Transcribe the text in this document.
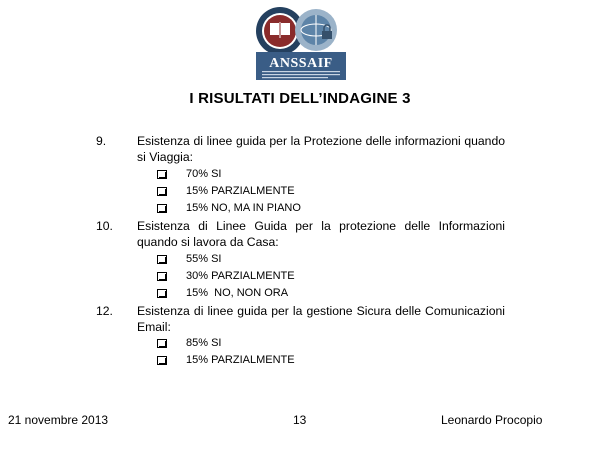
ANSSAIF
I RISULTATI DELL’INDAGINE 3
9.	Esistenza di linee guida per la Protezione delle informazioni quando si Viaggia:
70% SI
15% PARZIALMENTE
15% NO, MA IN PIANO
10. Esistenza di Linee Guida per la protezione delle Informazioni quando si lavora da Casa:
55% SI
30% PARZIALMENTE
15%  NO, NON ORA
12. Esistenza di linee guida per la gestione Sicura delle Comunicazioni Email:
85% SI
15% PARZIALMENTE
21 novembre 2013	13	Leonardo Procopio
